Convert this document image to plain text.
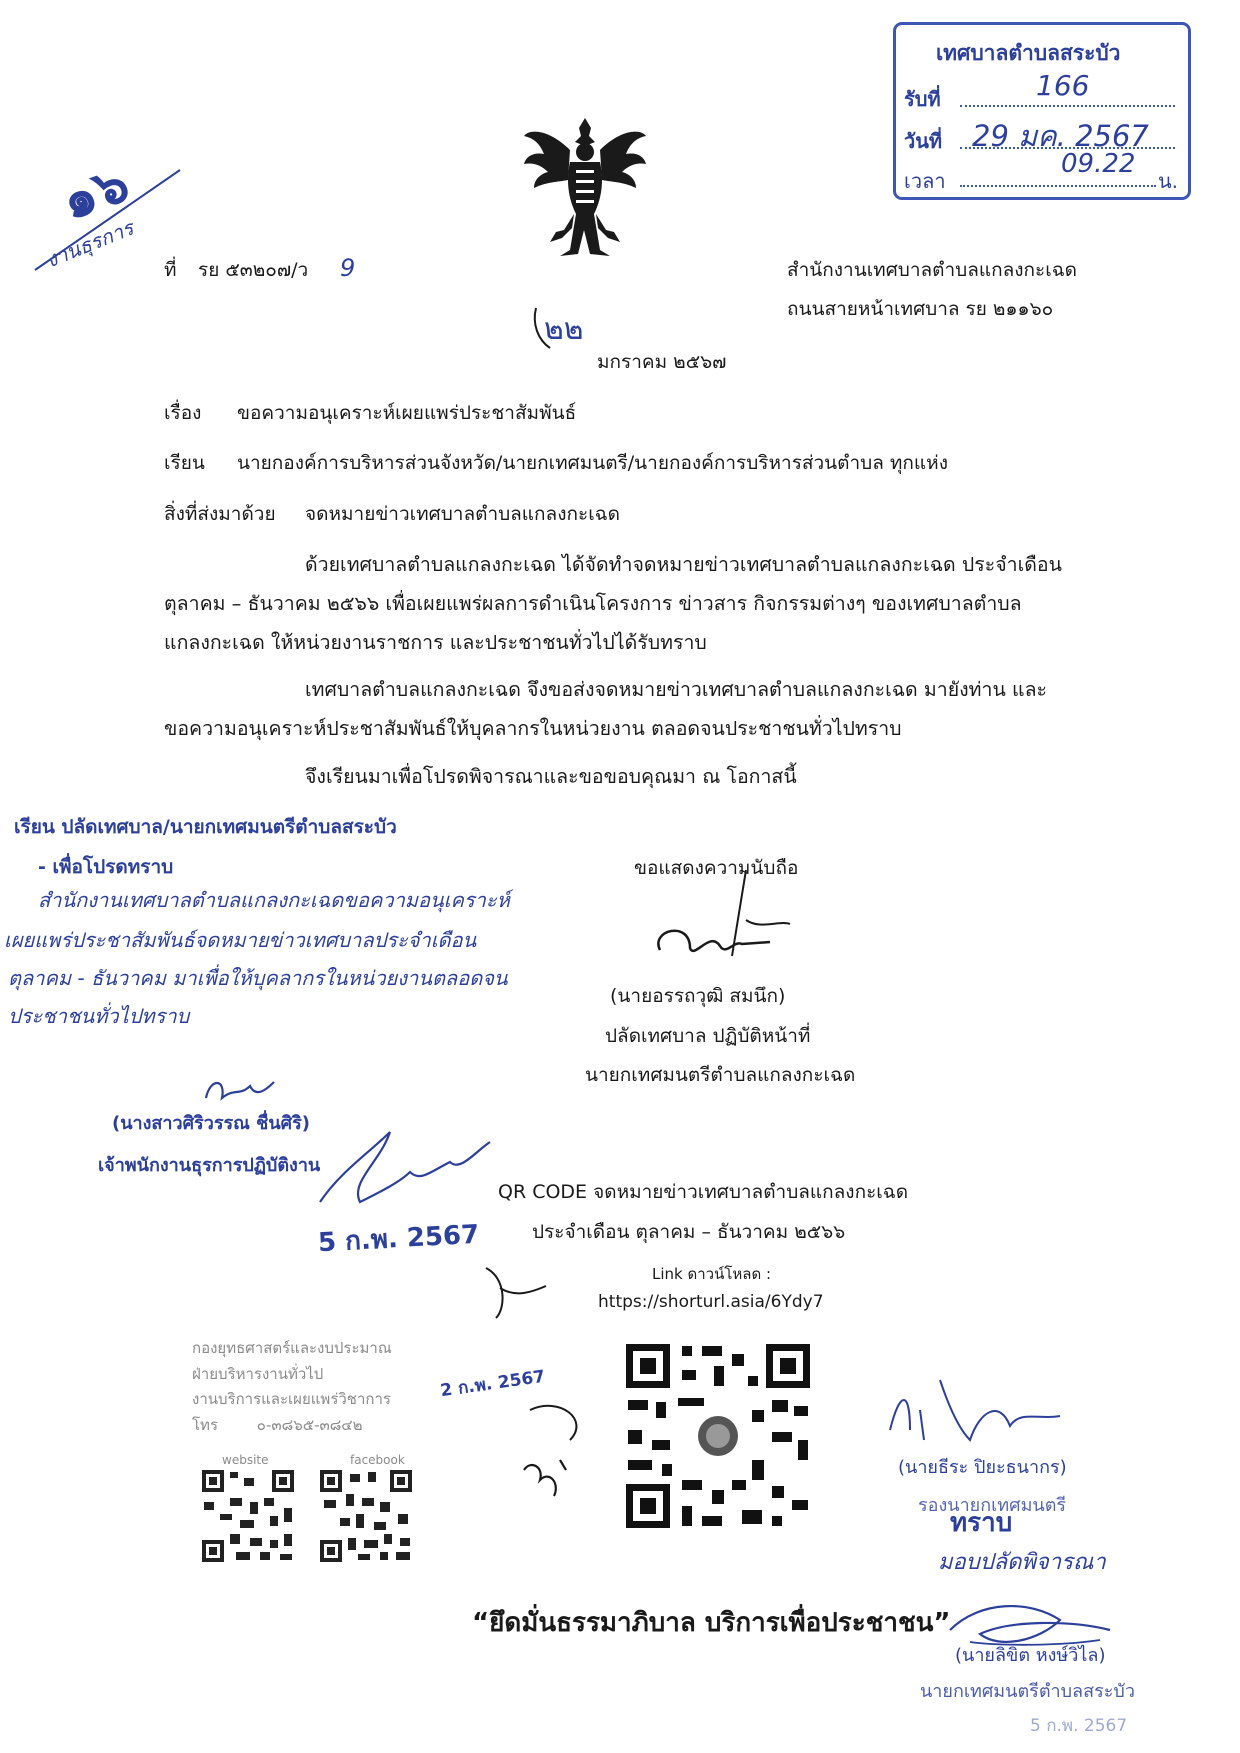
เทศบาลตำบลสระบัว
รับที่	166
วันที่ 29 มค. 2567
เวลา
09.22
น.
๑๖
งานธุรการ ที่ รย ๕๓๒๐๗/ว 9	สำนักงานเทศบาลตำบลแกลงกะเฉด
ถนนสายหน้าเทศบาล รย ๒๑๑๖๐
๒๒
มกราคม ๒๕๖๗
เรื่อง ขอความอนุเคราะห์เผยแพร่ประชาสัมพันธ์
เรียน นายกองค์การบริหารส่วนจังหวัด/นายกเทศมนตรี/นายกองค์การบริหารส่วนตำบล ทุกแห่ง
สิ่งที่ส่งมาด้วย จดหมายข่าวเทศบาลตำบลแกลงกะเฉด
ด้วยเทศบาลตำบลแกลงกะเฉด ได้จัดทำจดหมายข่าวเทศบาลตำบลแกลงกะเฉด ประจำเดือน
ตุลาคม – ธันวาคม ๒๕๖๖ เพื่อเผยแพร่ผลการดำเนินโครงการ ข่าวสาร กิจกรรมต่างๆ ของเทศบาลตำบล
แกลงกะเฉด ให้หน่วยงานราชการ และประชาชนทั่วไปได้รับทราบ
เทศบาลตำบลแกลงกะเฉด จึงขอส่งจดหมายข่าวเทศบาลตำบลแกลงกะเฉด มายังท่าน และ
ขอความอนุเคราะห์ประชาสัมพันธ์ให้บุคลากรในหน่วยงาน ตลอดจนประชาชนทั่วไปทราบ
จึงเรียนมาเพื่อโปรดพิจารณาและขอขอบคุณมา ณ โอกาสนี้
ขอแสดงความนับถือ
(นายอรรถวุฒิ สมนึก)
ปลัดเทศบาล ปฏิบัติหน้าที่
นายกเทศมนตรีตำบลแกลงกะเฉด
เรียน ปลัดเทศบาล/นายกเทศมนตรีตำบลสระบัว
- เพื่อโปรดทราบ
สำนักงานเทศบาลตำบลแกลงกะเฉดขอความอนุเคราะห์
เผยแพร่ประชาสัมพันธ์จดหมายข่าวเทศบาลประจำเดือน
ตุลาคม - ธันวาคม มาเพื่อให้บุคลากรในหน่วยงานตลอดจน
ประชาชนทั่วไปทราบ
(นางสาวศิริวรรณ ชื่นศิริ)
เจ้าพนักงานธุรการปฏิบัติงาน
5 ก.พ. 2567
QR CODE จดหมายข่าวเทศบาลตำบลแกลงกะเฉด
ประจำเดือน ตุลาคม – ธันวาคม ๒๕๖๖
Link ดาวน์โหลด :
https://shorturl.asia/6Ydy7
กองยุทธศาสตร์และงบประมาณ
ฝ่ายบริหารงานทั่วไป
งานบริการและเผยแพร่วิชาการ
โทร	๐-๓๘๖๕-๓๘๔๒
website	facebook
2 ก.พ. 2567
(นายธีระ ปิยะธนากร)
รองนายกเทศมนตรี
ทราบ
มอบปลัดพิจารณา
(นายลิขิต หงษ์วิไล)
นายกเทศมนตรีตำบลสระบัว
5 ก.พ. 2567
“ยึดมั่นธรรมาภิบาล บริการเพื่อประชาชน”
